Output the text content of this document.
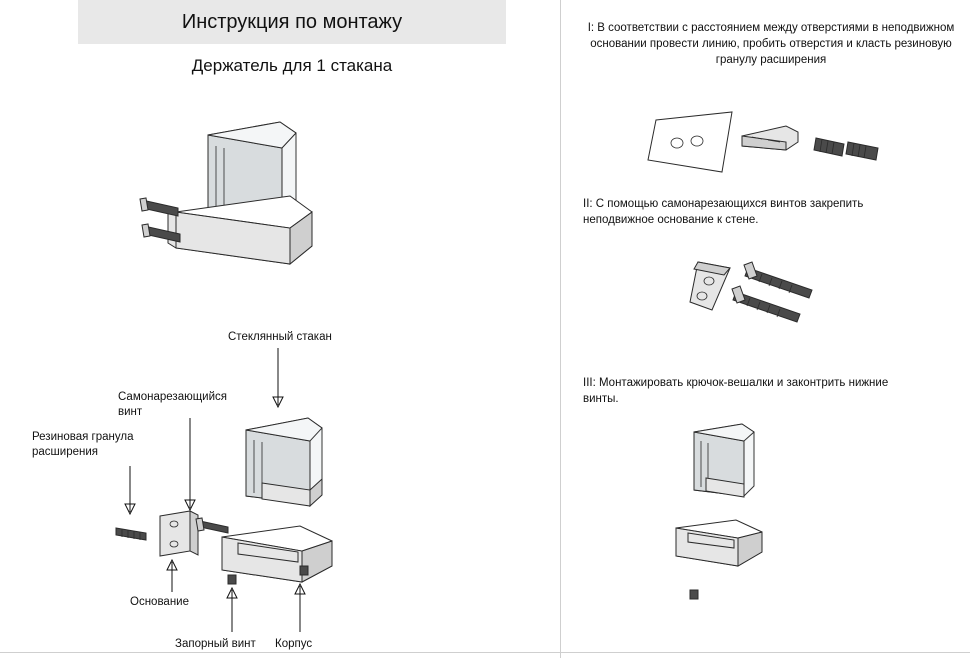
Инструкция по монтажу
Держатель для 1 стакана
I: В соответствии с расстоянием между отверстиями в неподвижном основании провести линию, пробить отверстия и класть резиновую гранулу расширения
II: С помощью самонарезающихся винтов закрепить неподвижное основание к стене.
III: Монтажировать крючок-вешалки и законтрить нижние винты.
Стеклянный стакан
Самонарезающийся винт
Резиновая гранула расширения
Основание
Запорный винт	Корпус
